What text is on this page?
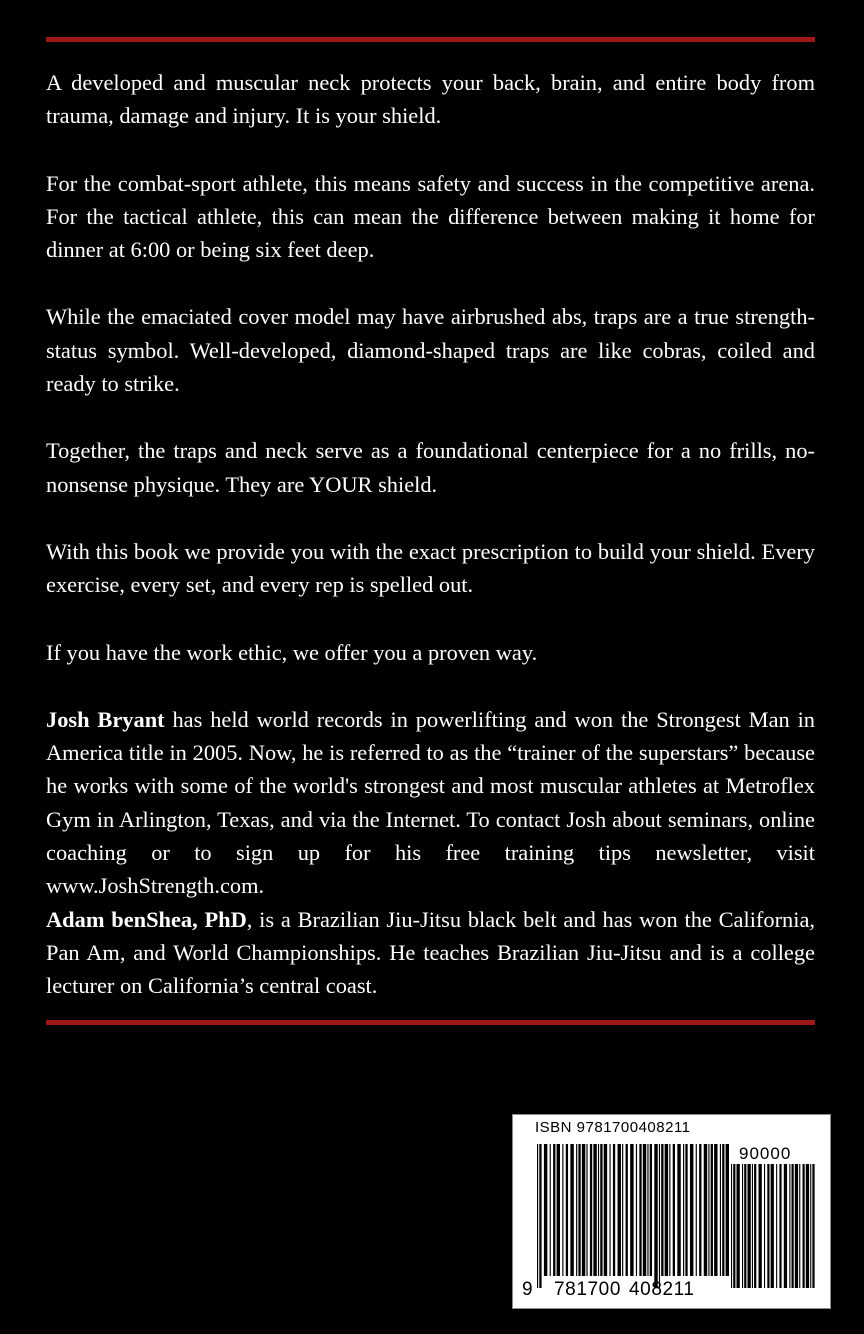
A developed and muscular neck protects your back, brain, and entire body from trauma, damage and injury. It is your shield.

For the combat-sport athlete, this means safety and success in the competitive arena. For the tactical athlete, this can mean the difference between making it home for dinner at 6:00 or being six feet deep.

While the emaciated cover model may have airbrushed abs, traps are a true strength-status symbol. Well-developed, diamond-shaped traps are like cobras, coiled and ready to strike.

Together, the traps and neck serve as a foundational centerpiece for a no frills, no-nonsense physique. They are YOUR shield.

With this book we provide you with the exact prescription to build your shield. Every exercise, every set, and every rep is spelled out.

If you have the work ethic, we offer you a proven way.

Josh Bryant has held world records in powerlifting and won the Strongest Man in America title in 2005. Now, he is referred to as the “trainer of the superstars” because he works with some of the world's strongest and most muscular athletes at Metroflex Gym in Arlington, Texas, and via the Internet. To contact Josh about seminars, online coaching or to sign up for his free training tips newsletter, visit www.JoshStrength.com.

Adam benShea, PhD, is a Brazilian Jiu-Jitsu black belt and has won the California, Pan Am, and World Championships. He teaches Brazilian Jiu-Jitsu and is a college lecturer on California’s central coast.

ISBN 9781700408211
90000
9 781700 408211
